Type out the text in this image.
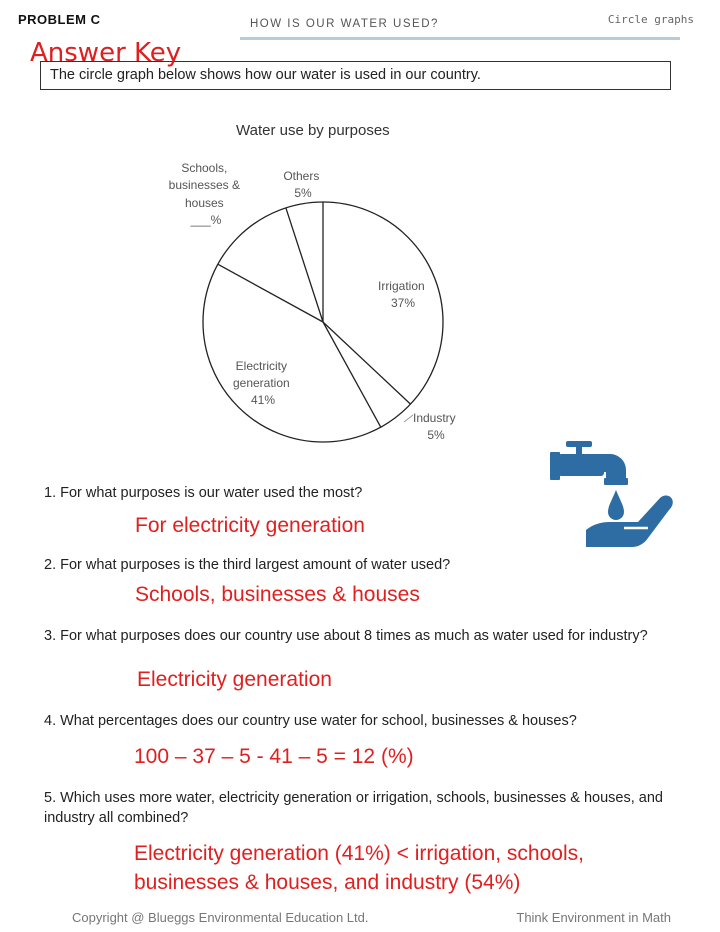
PROBLEM C	HOW IS OUR WATER USED?	Circle graphs
The circle graph below shows how our water is used in our country.
Answer Key
Water use by purposes
Irrigation 37%
Industry 5%
Electricity generation 41%
Schools, businesses & houses ___%
Others 5%
1. For what purposes is our water used the most?
For electricity generation
2. For what purposes is the third largest amount of water used?
Schools, businesses & houses
3. For what purposes does our country use about 8 times as much as water used for industry?
Electricity generation
4. What percentages does our country use water for school, businesses & houses?
100 – 37 – 5 - 41 – 5 = 12 (%)
5. Which uses more water, electricity generation or irrigation, schools, businesses & houses, and industry all combined?
Electricity generation (41%) < irrigation, schools, businesses & houses, and industry (54%)
Copyright @ Blueggs Environmental Education Ltd.	Think Environment in Math
